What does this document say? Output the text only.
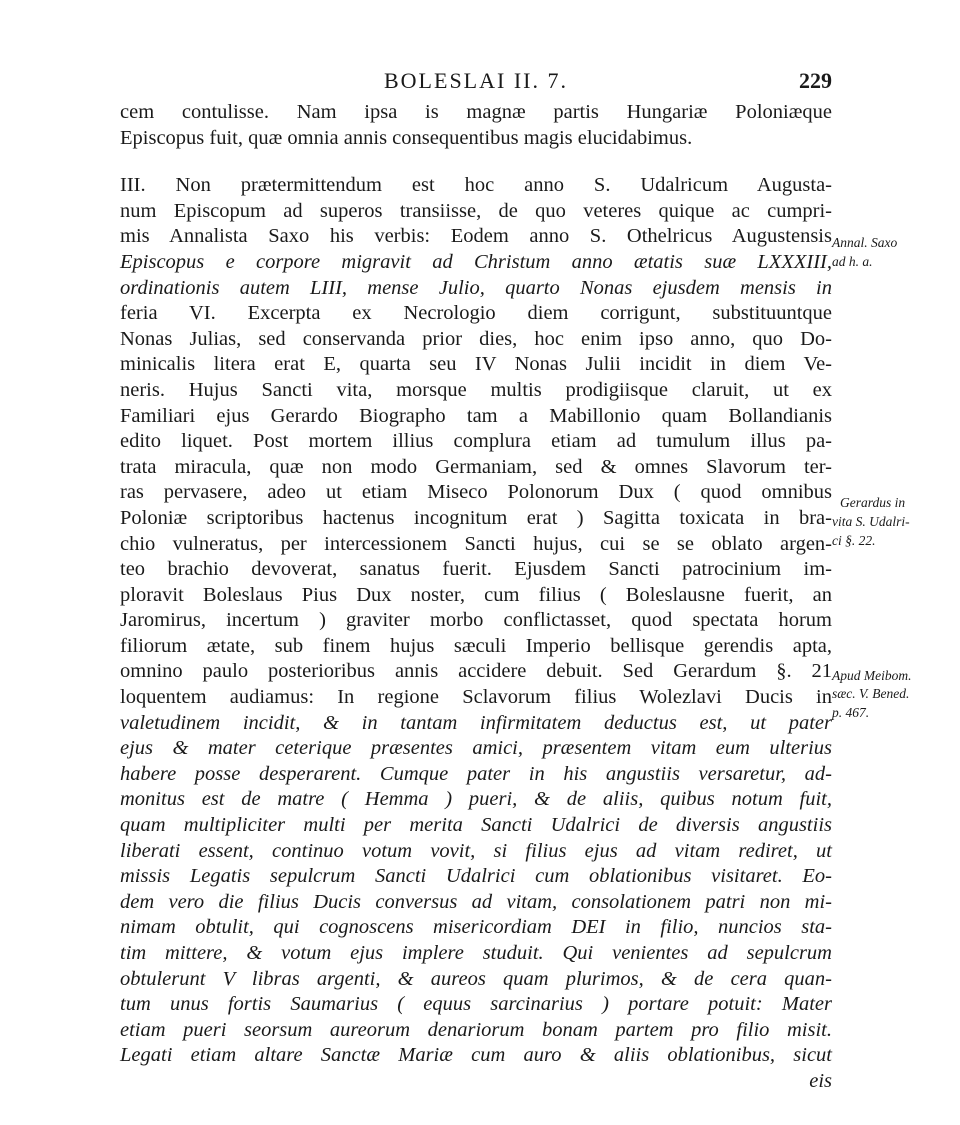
BOLESLAI II. 7.	229
cem contulisse. Nam ipsa is magnæ partis Hungariæ Poloniæque
Episcopus fuit, quæ omnia annis consequentibus magis elucidabimus.
III. Non prætermittendum est hoc anno S. Udalricum Augusta-
num Episcopum ad superos transiisse, de quo veteres quique ac cumpri-
mis Annalista Saxo his verbis: Eodem anno S. Othelricus Augustensis
Episcopus e corpore migravit ad Christum anno ætatis suæ LXXXIII,
ordinationis autem LIII, mense Julio, quarto Nonas ejusdem mensis in
feria VI. Excerpta ex Necrologio diem corrigunt, substituuntque
Nonas Julias, sed conservanda prior dies, hoc enim ipso anno, quo Do-
minicalis litera erat E, quarta seu IV Nonas Julii incidit in diem Ve-
neris. Hujus Sancti vita, morsque multis prodigiisque claruit, ut ex
Familiari ejus Gerardo Biographo tam a Mabillonio quam Bollandianis
edito liquet. Post mortem illius complura etiam ad tumulum illus pa-
trata miracula, quæ non modo Germaniam, sed & omnes Slavorum ter-
ras pervasere, adeo ut etiam Miseco Polonorum Dux ( quod omnibus
Poloniæ scriptoribus hactenus incognitum erat ) Sagitta toxicata in bra-
chio vulneratus, per intercessionem Sancti hujus, cui se se oblato argen-
teo brachio devoverat, sanatus fuerit. Ejusdem Sancti patrocinium im-
ploravit Boleslaus Pius Dux noster, cum filius ( Boleslausne fuerit, an
Jaromirus, incertum ) graviter morbo conflictasset, quod spectata horum
filiorum ætate, sub finem hujus sæculi Imperio bellisque gerendis apta,
omnino paulo posterioribus annis accidere debuit. Sed Gerardum §. 21
loquentem audiamus: In regione Sclavorum filius Wolezlavi Ducis in
valetudinem incidit, & in tantam infirmitatem deductus est, ut pater
ejus & mater ceterique præsentes amici, præsentem vitam eum ulterius
habere posse desperarent. Cumque pater in his angustiis versaretur, ad-
monitus est de matre ( Hemma ) pueri, & de aliis, quibus notum fuit,
quam multipliciter multi per merita Sancti Udalrici de diversis angustiis
liberati essent, continuo votum vovit, si filius ejus ad vitam rediret, ut
missis Legatis sepulcrum Sancti Udalrici cum oblationibus visitaret. Eo-
dem vero die filius Ducis conversus ad vitam, consolationem patri non mi-
nimam obtulit, qui cognoscens misericordiam DEI in filio, nuncios sta-
tim mittere, & votum ejus implere studuit. Qui venientes ad sepulcrum
obtulerunt V libras argenti, & aureos quam plurimos, & de cera quan-
tum unus fortis Saumarius ( equus sarcinarius ) portare potuit: Mater
etiam pueri seorsum aureorum denariorum bonam partem pro filio misit.
Legati etiam altare Sanctæ Mariæ cum auro & aliis oblationibus, sicut
eis
Annal. Saxo
ad h. a.
Gerardus in
vita S. Udalri-
ci §. 22.
Apud Meibom.
sæc. V. Bened.
p. 467.
